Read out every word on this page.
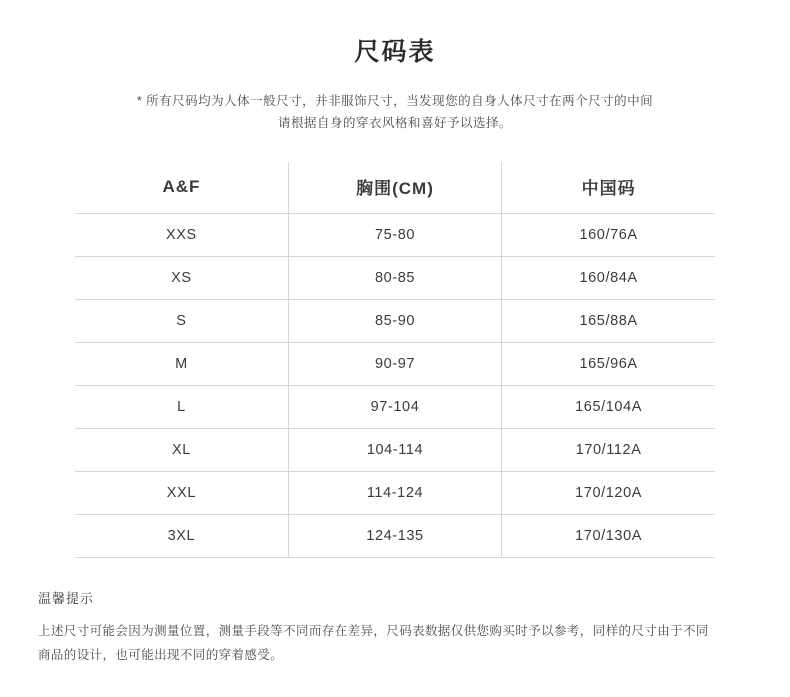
尺码表
* 所有尺码均为人体一般尺寸，并非服饰尺寸，当发现您的自身人体尺寸在两个尺寸的中间
请根据自身的穿衣风格和喜好予以选择。
A&F	胸围(CM)	中国码
XXS	75-80	160/76A
XS	80-85	160/84A
S	85-90	165/88A
M	90-97	165/96A
L	97-104	165/104A
XL	104-114	170/112A
XXL	114-124	170/120A
3XL	124-135	170/130A
温馨提示
上述尺寸可能会因为测量位置，测量手段等不同而存在差异，尺码表数据仅供您购买时予以参考，同样的尺寸由于不同
商品的设计，也可能出现不同的穿着感受。
